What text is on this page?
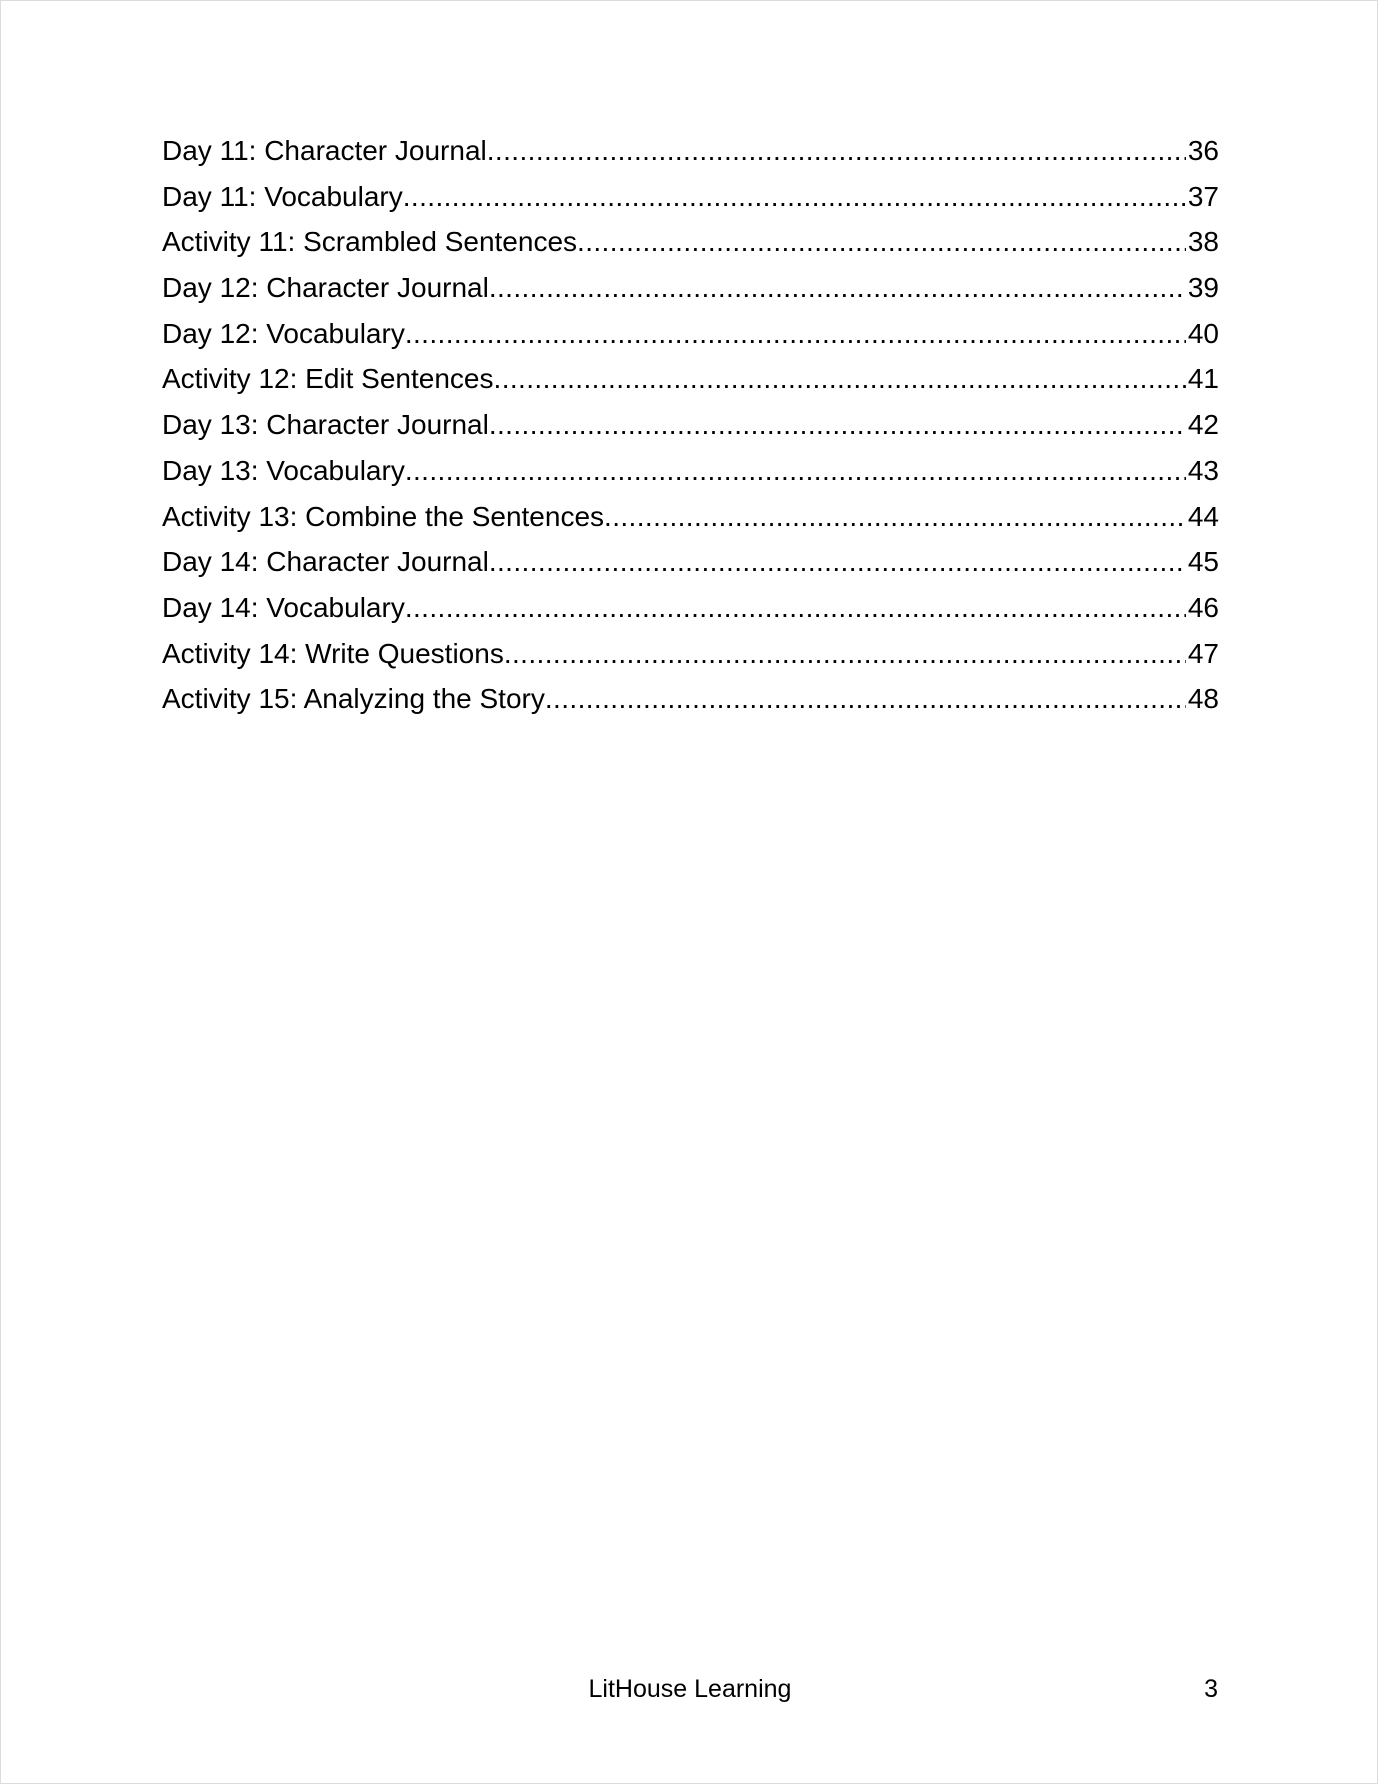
Day 11: Character Journal .....	36
Day 11: Vocabulary .....	37
Activity 11: Scrambled Sentences .....	38
Day 12: Character Journal .....	39
Day 12: Vocabulary .....	40
Activity 12: Edit Sentences .....	41
Day 13: Character Journal .....	42
Day 13: Vocabulary .....	43
Activity 13: Combine the Sentences .....	44
Day 14: Character Journal .....	45
Day 14: Vocabulary .....	46
Activity 14: Write Questions .....	47
Activity 15: Analyzing the Story .....	48
LitHouse Learning	3
